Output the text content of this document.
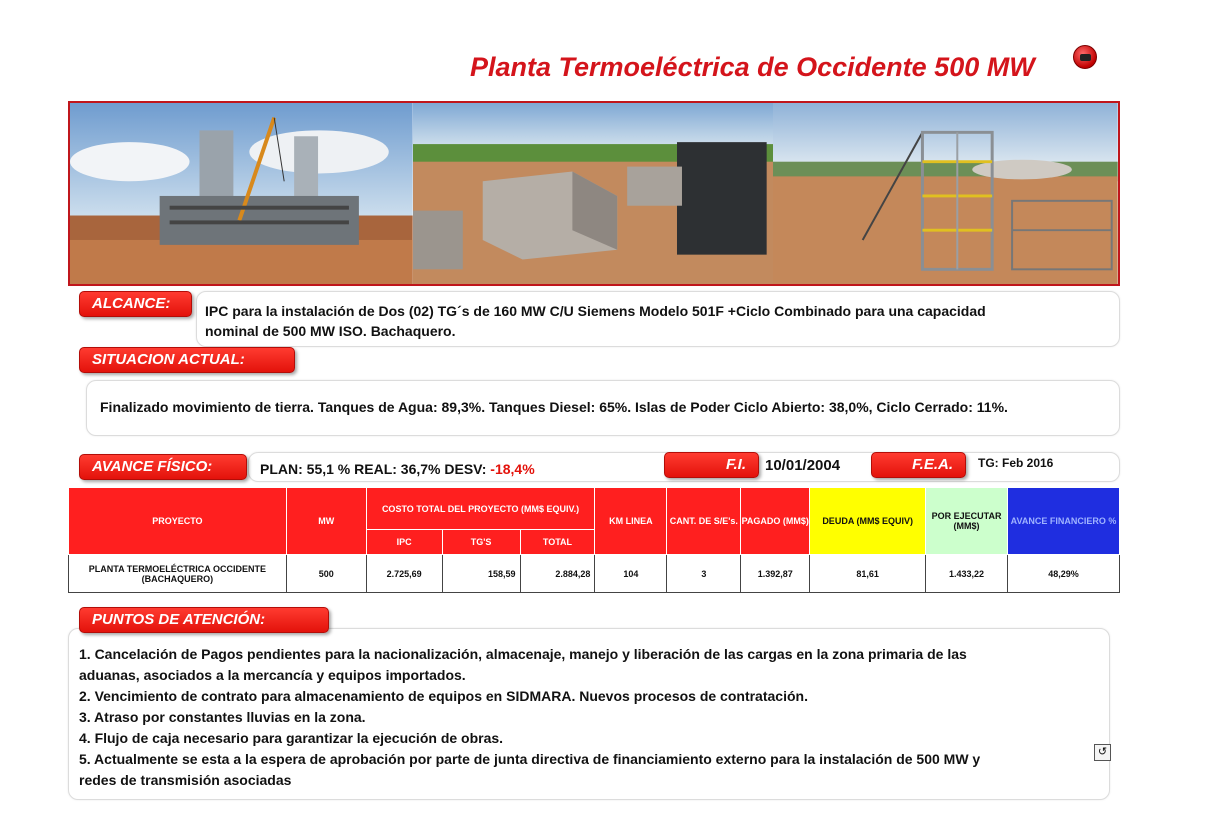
Planta Termoeléctrica de Occidente 500 MW
ALCANCE:	IPC para la instalación de Dos (02) TG´s de 160 MW C/U Siemens Modelo 501F +Ciclo Combinado para una capacidad
nominal de 500 MW ISO. Bachaquero.
SITUACION ACTUAL:
Finalizado movimiento de tierra. Tanques de Agua: 89,3%. Tanques Diesel: 65%. Islas de Poder Ciclo Abierto: 38,0%, Ciclo Cerrado: 11%.
AVANCE FÍSICO:	PLAN: 55,1 % REAL: 36,7% DESV: -18,4%	F.I.	10/01/2004	F.E.A.	TG: Feb 2016
PROYECTO	MW	COSTO TOTAL DEL PROYECTO (MM$ EQUIV.)			KM LINEA	CANT. DE S/E's.	PAGADO (MM$)	DEUDA (MM$ EQUIV)	POR EJECUTAR (MM$)	AVANCE FINANCIERO %
		IPC	TG'S	TOTAL						
PLANTA TERMOELÉCTRICA OCCIDENTE (BACHAQUERO)	500	2.725,69	158,59	2.884,28	104	3	1.392,87	81,61	1.433,22	48,29%
PUNTOS DE ATENCIÓN:
1. Cancelación de Pagos pendientes para la nacionalización, almacenaje, manejo y liberación de las cargas en la zona primaria de las
aduanas, asociados a la mercancía y equipos importados.
2. Vencimiento de contrato para almacenamiento de equipos en SIDMARA. Nuevos procesos de contratación.
3. Atraso por constantes lluvias en la zona.
4. Flujo de caja necesario para garantizar la ejecución de obras.
5. Actualmente se esta a la espera de aprobación por parte de junta directiva de financiamiento externo para la instalación de 500 MW y
redes de transmisión asociadas
↺
